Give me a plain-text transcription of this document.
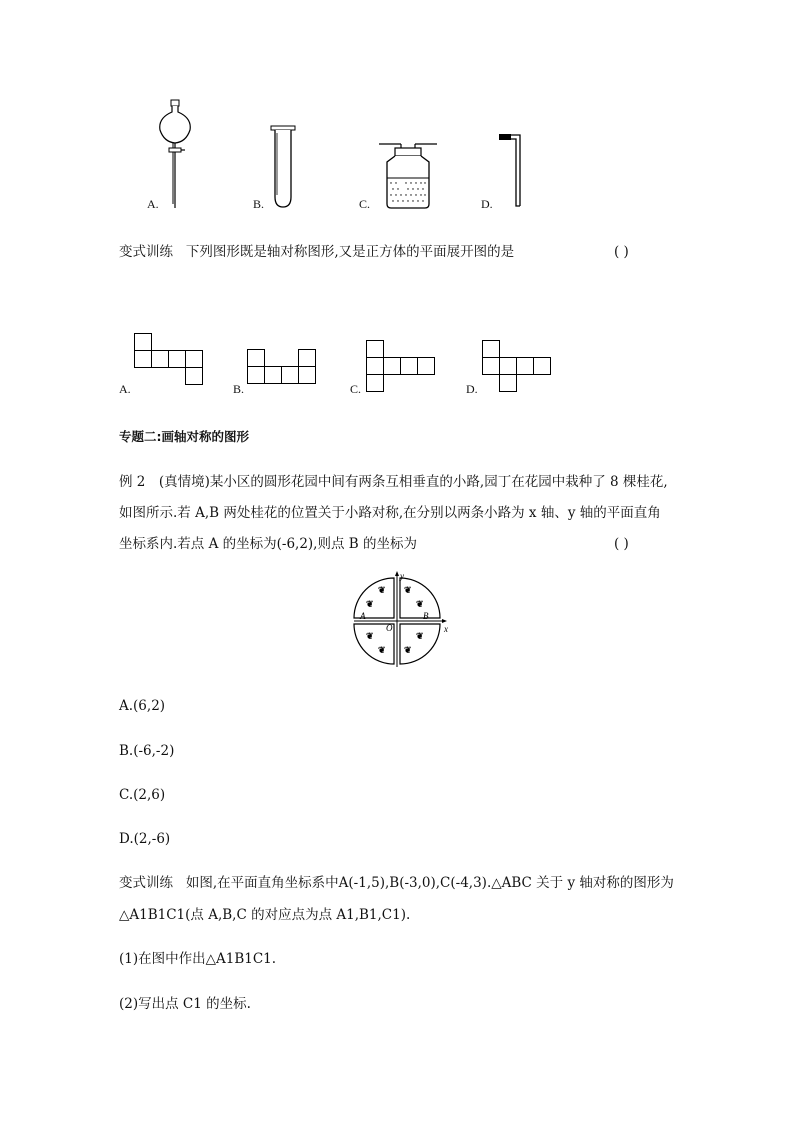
A.	B.	C.	D.
变式训练 下列图形既是轴对称图形,又是正方体的平面展开图的是	( )
A.	B.	C.	D.
专题二:画轴对称的图形
例 2　(真情境)某小区的圆形花园中间有两条互相垂直的小路,园丁在花园中栽种了 8 棵桂花,
如图所示.若 A,B 两处桂花的位置关于小路对称,在分别以两条小路为 x 轴、y 轴的平面直角
坐标系内.若点 A 的坐标为(-6,2),则点 B 的坐标为	( )
❦ ❦
❦	❦
❦	❦
❦ ❦
y
x
O
A	B
A.(6,2)
B.(-6,-2)
C.(2,6)
D.(2,-6)
变式训练 如图,在平面直角坐标系中A(-1,5),B(-3,0),C(-4,3).△ABC 关于 y 轴对称的图形为
△A1B1C1(点 A,B,C 的对应点为点 A1,B1,C1).
(1)在图中作出△A1B1C1.
(2)写出点 C1 的坐标.
